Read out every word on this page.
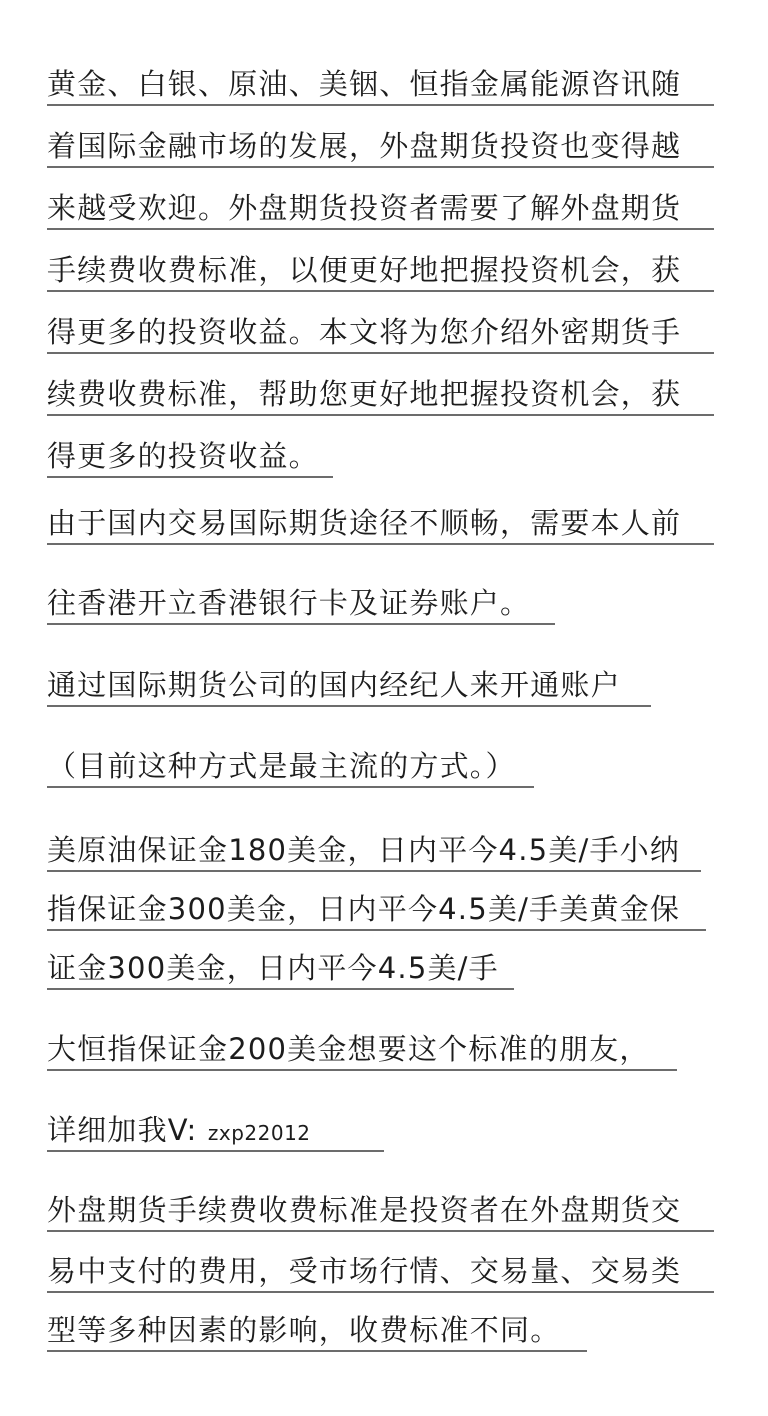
黄金、白银、原油、美铟、恒指金属能源咨讯随
着国际金融市场的发展，外盘期货投资也变得越
来越受欢迎。外盘期货投资者需要了解外盘期货
手续费收费标准，以便更好地把握投资机会，获
得更多的投资收益。本文将为您介绍外密期货手
续费收费标准，帮助您更好地把握投资机会，获
得更多的投资收益。
由于国内交易国际期货途径不顺畅，需要本人前
往香港开立香港银行卡及证券账户。
通过国际期货公司的国内经纪人来开通账户
（目前这种方式是最主流的方式。）
美原油保证金180美金，日内平今4.5美/手小纳
指保证金300美金，日内平今4.5美/手美黄金保
证金300美金，日内平今4.5美/手
大恒指保证金200美金想要这个标准的朋友，
详细加我V: zxp22012
外盘期货手续费收费标准是投资者在外盘期货交
易中支付的费用，受市场行情、交易量、交易类
型等多种因素的影响，收费标准不同。
